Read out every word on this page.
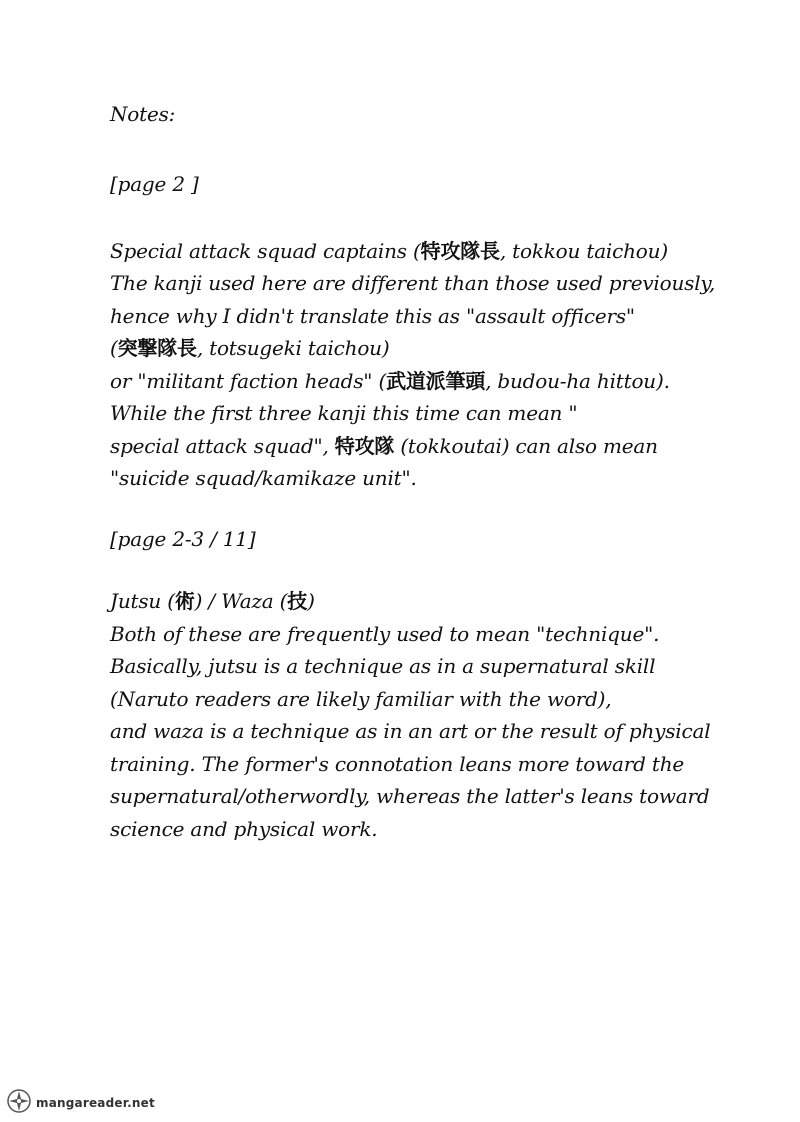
Notes:
[page 2 ]
Special attack squad captains (特攻隊長, tokkou taichou)
The kanji used here are different than those used previously,
hence why I didn't translate this as "assault officers"
(突撃隊長, totsugeki taichou)
or "militant faction heads" (武道派筆頭, budou-ha hittou).
While the first three kanji this time can mean "
special attack squad", 特攻隊 (tokkoutai) can also mean
"suicide squad/kamikaze unit".
[page 2-3 / 11]
Jutsu (術) / Waza (技)
Both of these are frequently used to mean "technique".
Basically, jutsu is a technique as in a supernatural skill
(Naruto readers are likely familiar with the word),
and waza is a technique as in an art or the result of physical
training. The former's connotation leans more toward the
supernatural/otherwordly, whereas the latter's leans toward
science and physical work.
mangareader.net
